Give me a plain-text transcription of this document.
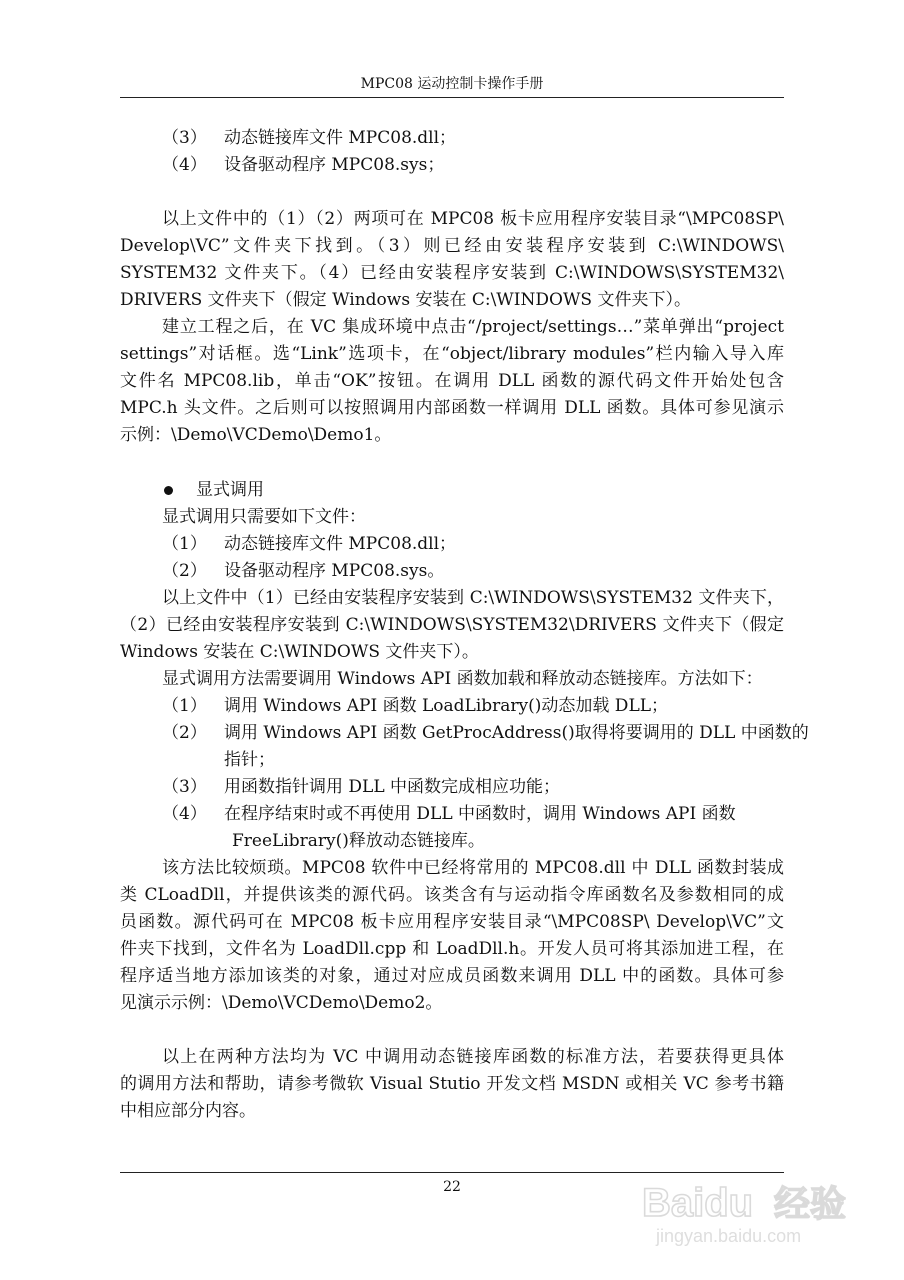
MPC08 运动控制卡操作手册
（3） 动态链接库文件 MPC08.dll；
（4） 设备驱动程序 MPC08.sys；
以上文件中的（1）（2）两项可在 MPC08 板卡应用程序安装目录“\MPC08SP\
Develop\VC”文件夹下找到。（3）则已经由安装程序安装到 C:\WINDOWS\
SYSTEM32 文件夹下。（4）已经由安装程序安装到 C:\WINDOWS\SYSTEM32\
DRIVERS 文件夹下（假定 Windows 安装在 C:\WINDOWS 文件夹下）。
建立工程之后，在 VC 集成环境中点击“/project/settings…”菜单弹出“project
settings”对话框。选“Link”选项卡，在“object/library modules”栏内输入导入库
文件名 MPC08.lib，单击“OK”按钮。在调用 DLL 函数的源代码文件开始处包含
MPC.h 头文件。之后则可以按照调用内部函数一样调用 DLL 函数。具体可参见演示
示例：\Demo\VCDemo\Demo1。
显式调用
显式调用只需要如下文件：
（1） 动态链接库文件 MPC08.dll；
（2） 设备驱动程序 MPC08.sys。
以上文件中（1）已经由安装程序安装到 C:\WINDOWS\SYSTEM32 文件夹下，
（2）已经由安装程序安装到 C:\WINDOWS\SYSTEM32\DRIVERS 文件夹下（假定
Windows 安装在 C:\WINDOWS 文件夹下）。
显式调用方法需要调用 Windows API 函数加载和释放动态链接库。方法如下：
（1） 调用 Windows API 函数 LoadLibrary()动态加载 DLL；
（2） 调用 Windows API 函数 GetProcAddress()取得将要调用的 DLL 中函数的
指针；
（3） 用函数指针调用 DLL 中函数完成相应功能；
（4） 在程序结束时或不再使用 DLL 中函数时，调用 Windows API 函数
FreeLibrary()释放动态链接库。
该方法比较烦琐。MPC08 软件中已经将常用的 MPC08.dll 中 DLL 函数封装成
类 CLoadDll，并提供该类的源代码。该类含有与运动指令库函数名及参数相同的成
员函数。源代码可在 MPC08 板卡应用程序安装目录“\MPC08SP\ Develop\VC”文
件夹下找到，文件名为 LoadDll.cpp 和 LoadDll.h。开发人员可将其添加进工程，在
程序适当地方添加该类的对象，通过对应成员函数来调用 DLL 中的函数。具体可参
见演示示例：\Demo\VCDemo\Demo2。
以上在两种方法均为 VC 中调用动态链接库函数的标准方法，若要获得更具体
的调用方法和帮助，请参考微软 Visual Stutio 开发文档 MSDN 或相关 VC 参考书籍
中相应部分内容。
22	Baidu 经验
jingyan.baidu.com
